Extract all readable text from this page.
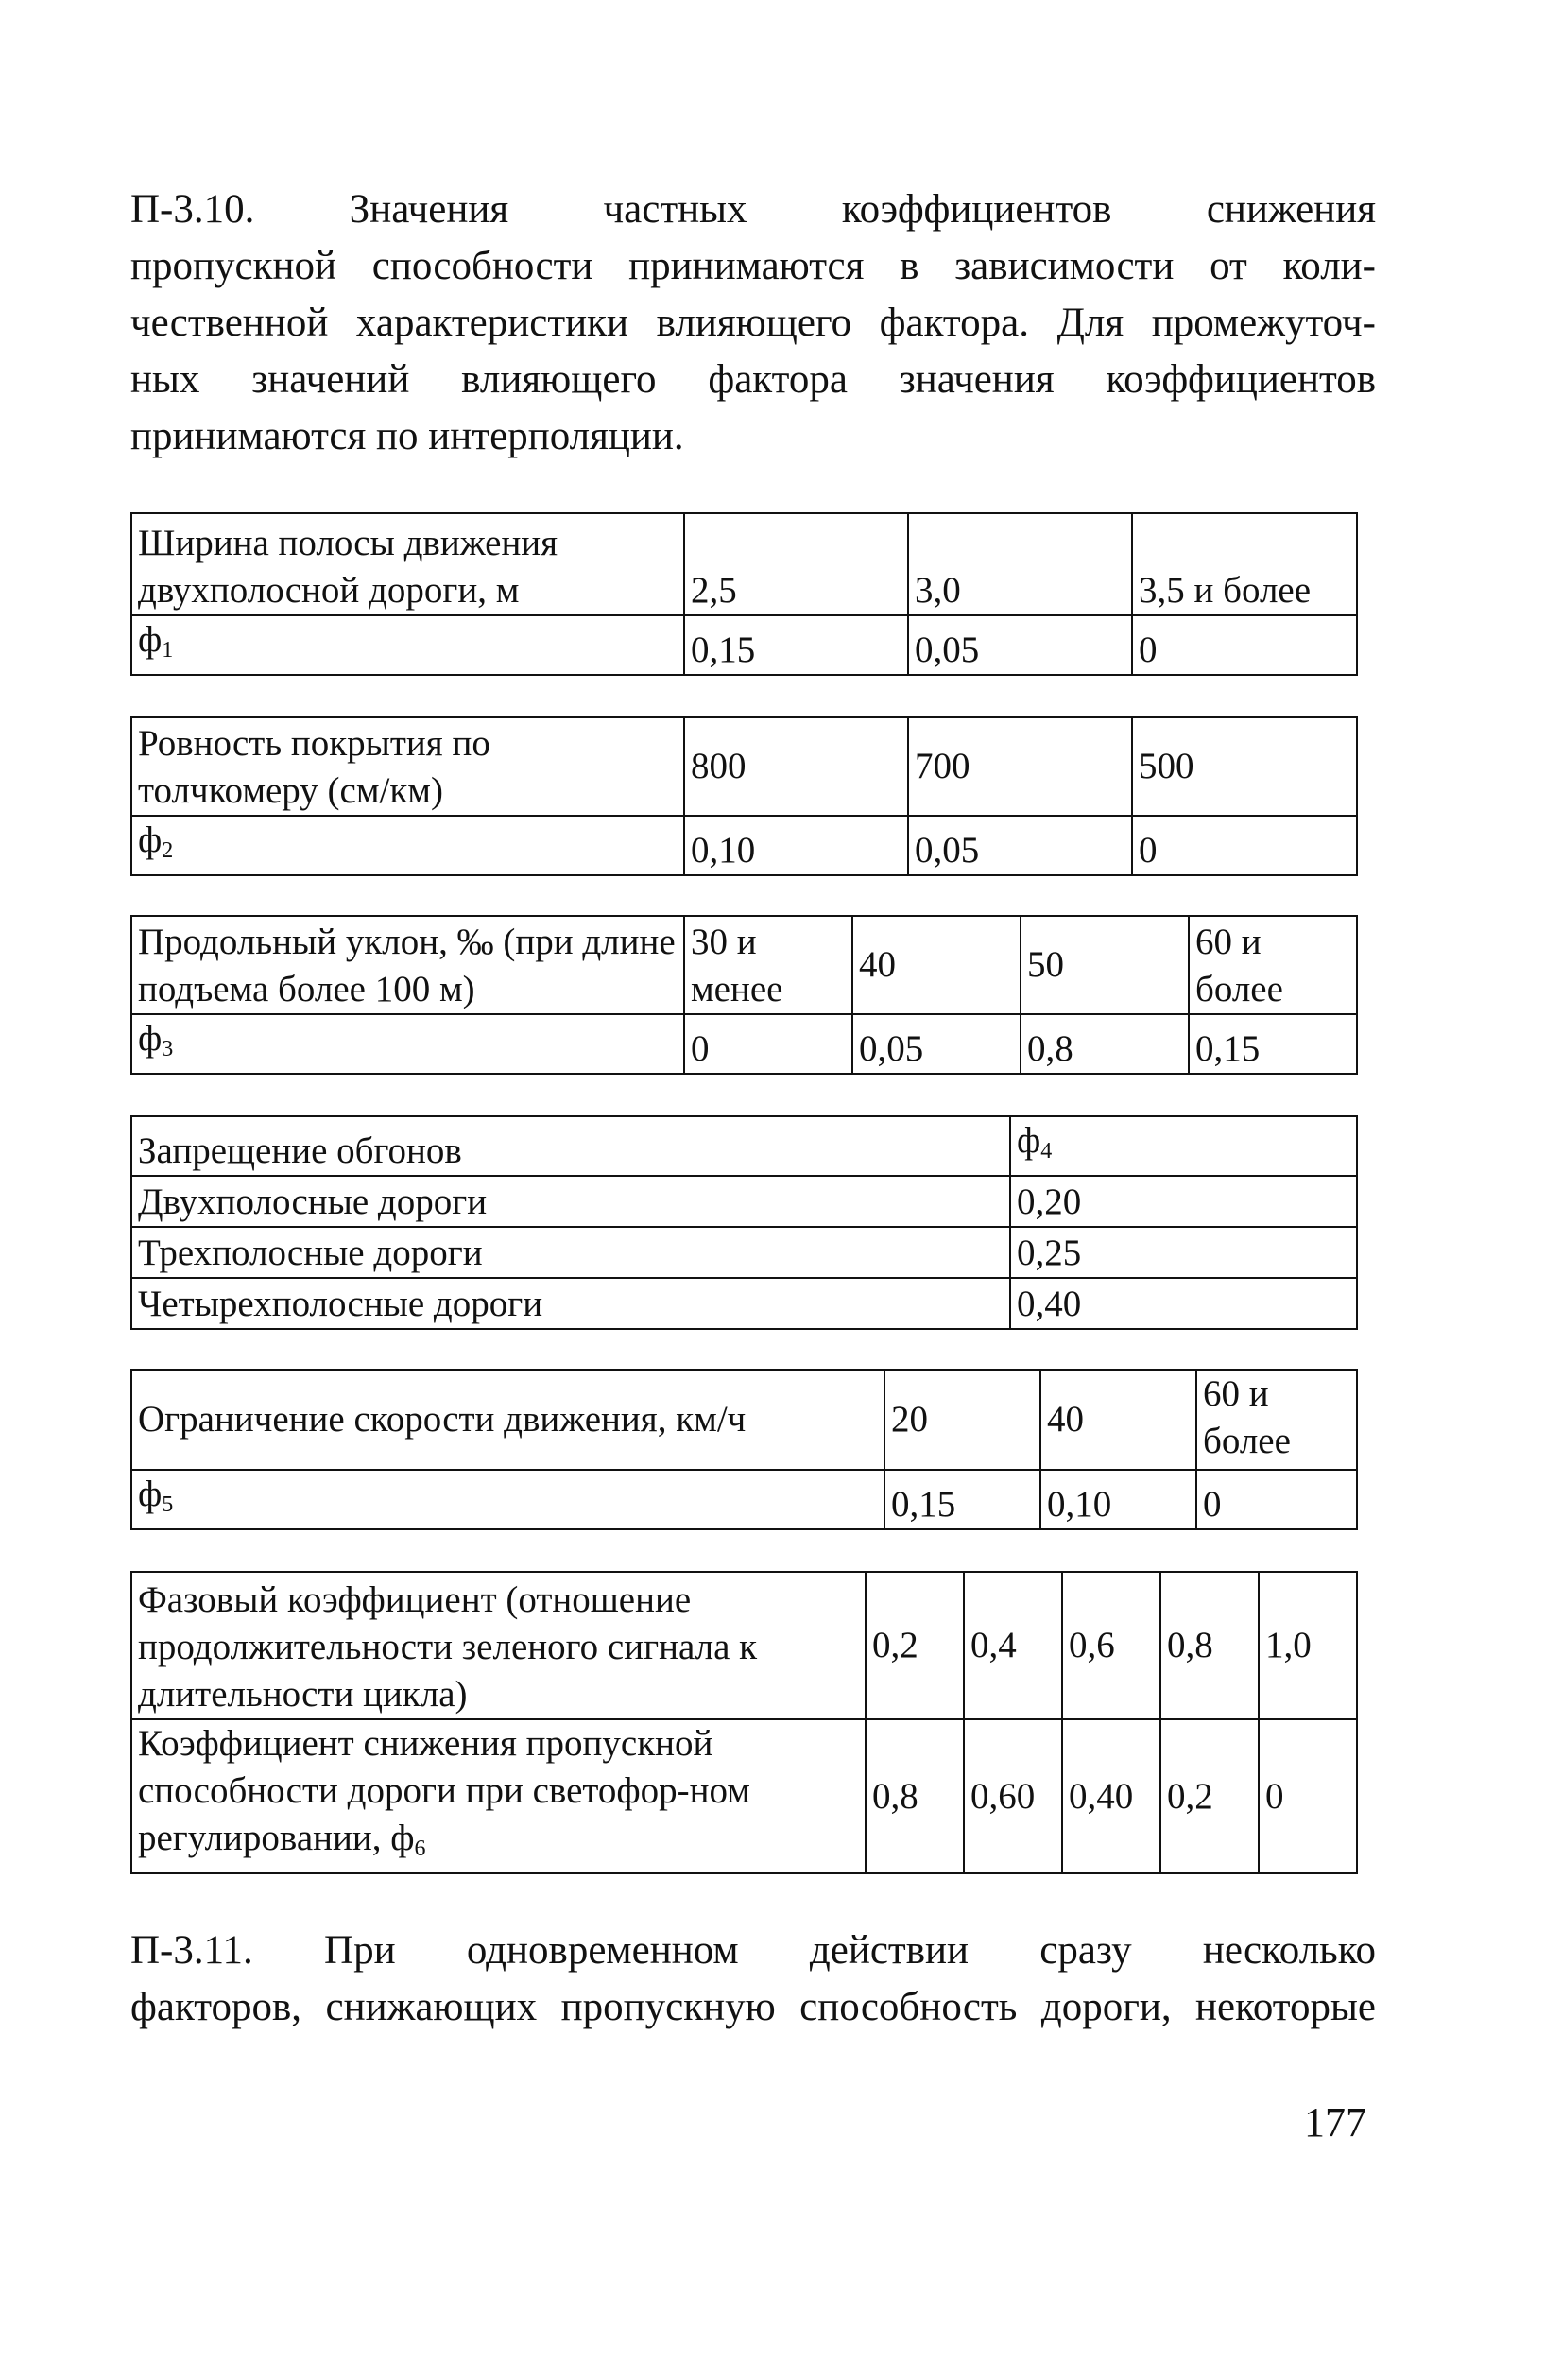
П-3.10. Значения частных коэффициентов снижения
пропускной способности принимаются в зависимости от коли-
чественной характеристики влияющего фактора. Для промежуточ-
ных значений влияющего фактора значения коэффициентов
принимаются по интерполяции.
Ширина полосы движения двухполосной дороги, м	2,5	3,0	3,5 и более
$ф_1$	0,15	0,05	0
Ровность покрытия по толчкомеру (см/км)	800	700	500
$ф_2$	0,10	0,05	0
Продольный уклон, ‰ (при длине подъема более 100 м)	30 и менее	40	50	60 и более
$ф_3$	0	0,05	0,8	0,15
Запрещение обгонов	$ф_4$
Двухполосные дороги	0,20
Трехполосные дороги	0,25
Четырехполосные дороги	0,40
Ограничение скорости движения, км/ч	20	40	60 и более
$ф_5$	0,15	0,10	0
Фазовый коэффициент (отношение продолжительности зеленого сигнала к длительности цикла)	0,2	0,4	0,6	0,8	1,0
Коэффициент снижения пропускной способности дороги при светофор-ном регулировании, $ф_6$	0,8	0,60	0,40	0,2	0
П-3.11. При одновременном действии сразу несколько
факторов, снижающих пропускную способность дороги, некоторые
177
